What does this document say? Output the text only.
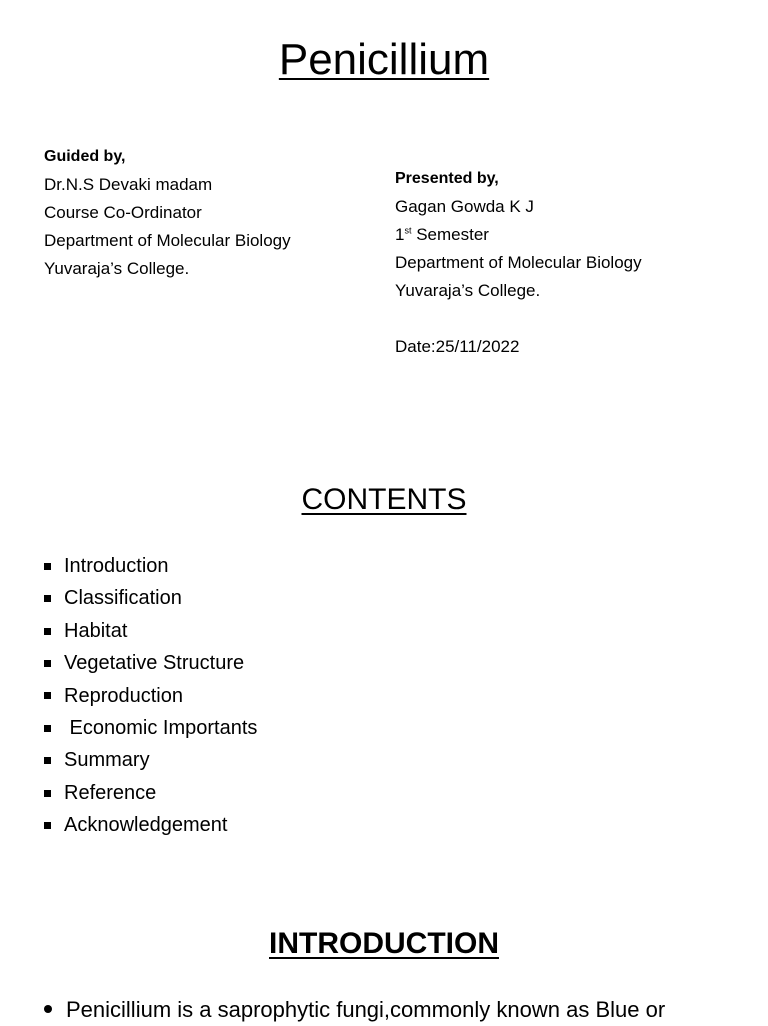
Penicillium
Guided by,
Dr.N.S Devaki madam
Course Co-Ordinator
Department of Molecular Biology
Yuvaraja’s College.
Presented by,
Gagan Gowda K J
1st Semester
Department of Molecular Biology
Yuvaraja’s College.
Date:25/11/2022
CONTENTS
Introduction
Classification
Habitat
Vegetative Structure
Reproduction
Economic Importants
Summary
Reference
Acknowledgement
INTRODUCTION
Penicillium is a saprophytic fungi,commonly known as Blue or
